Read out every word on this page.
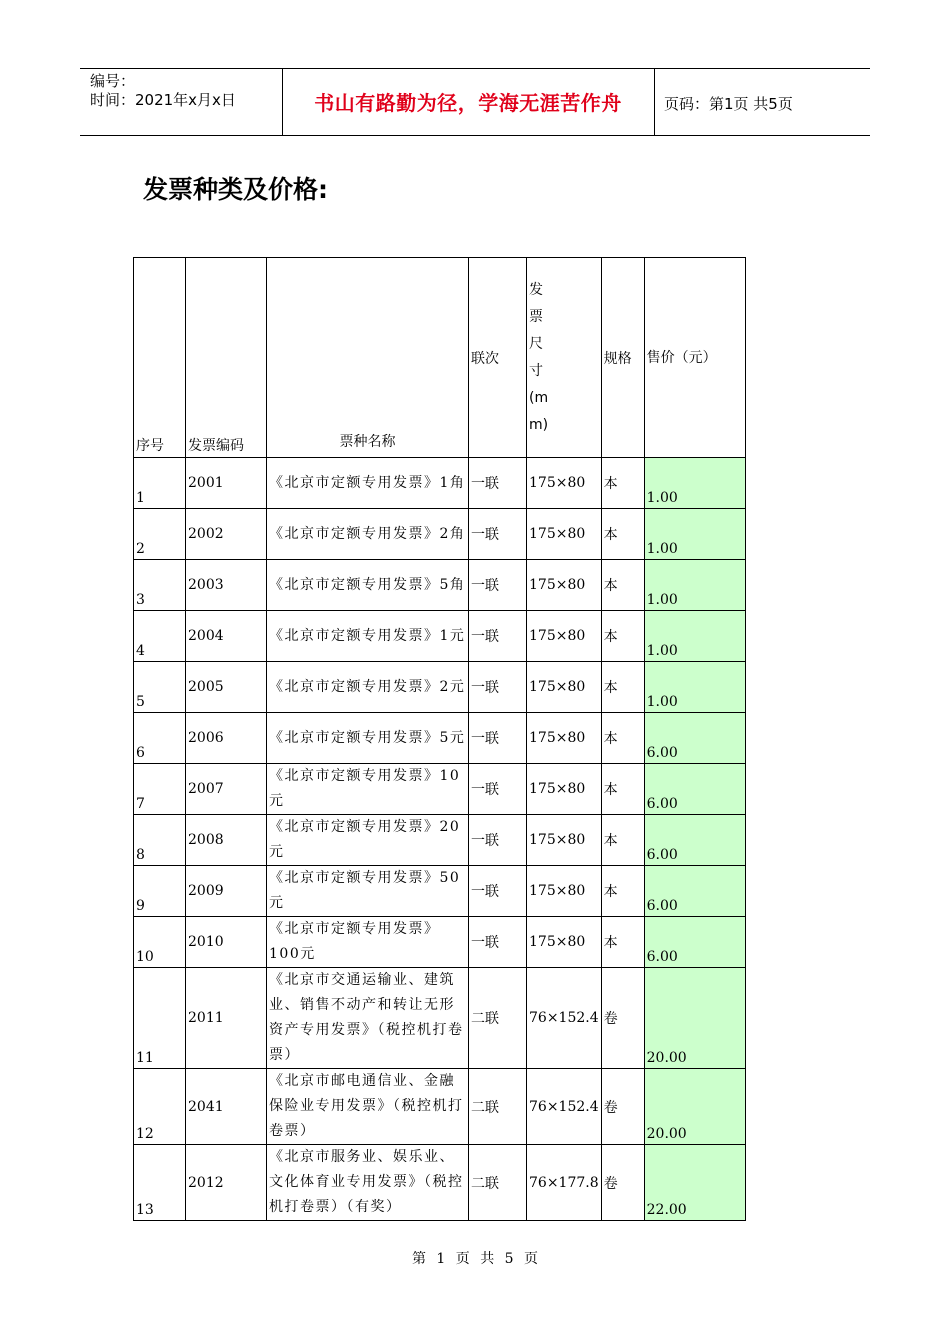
编号：
时间：2021年x月x日	书山有路勤为径，学海无涯苦作舟	页码：第1页 共5页
发票种类及价格:
序号	发票编码	票种名称	联次	发票尺寸(mm)	规格	售价（元）
1	2001	《北京市定额专用发票》1角	一联	175×80	本	1.00
2	2002	《北京市定额专用发票》2角	一联	175×80	本	1.00
3	2003	《北京市定额专用发票》5角	一联	175×80	本	1.00
4	2004	《北京市定额专用发票》1元	一联	175×80	本	1.00
5	2005	《北京市定额专用发票》2元	一联	175×80	本	1.00
6	2006	《北京市定额专用发票》5元	一联	175×80	本	6.00
7	2007	《北京市定额专用发票》10元	一联	175×80	本	6.00
8	2008	《北京市定额专用发票》20元	一联	175×80	本	6.00
9	2009	《北京市定额专用发票》50元	一联	175×80	本	6.00
10	2010	《北京市定额专用发票》100元	一联	175×80	本	6.00
11	2011	《北京市交通运输业、建筑业、销售不动产和转让无形资产专用发票》（税控机打卷票）	二联	76×152.4	卷	20.00
12	2041	《北京市邮电通信业、金融保险业专用发票》（税控机打卷票）	二联	76×152.4	卷	20.00
13	2012	《北京市服务业、娱乐业、文化体育业专用发票》（税控机打卷票）（有奖）	二联	76×177.8	卷	22.00
第 1 页 共 5 页
